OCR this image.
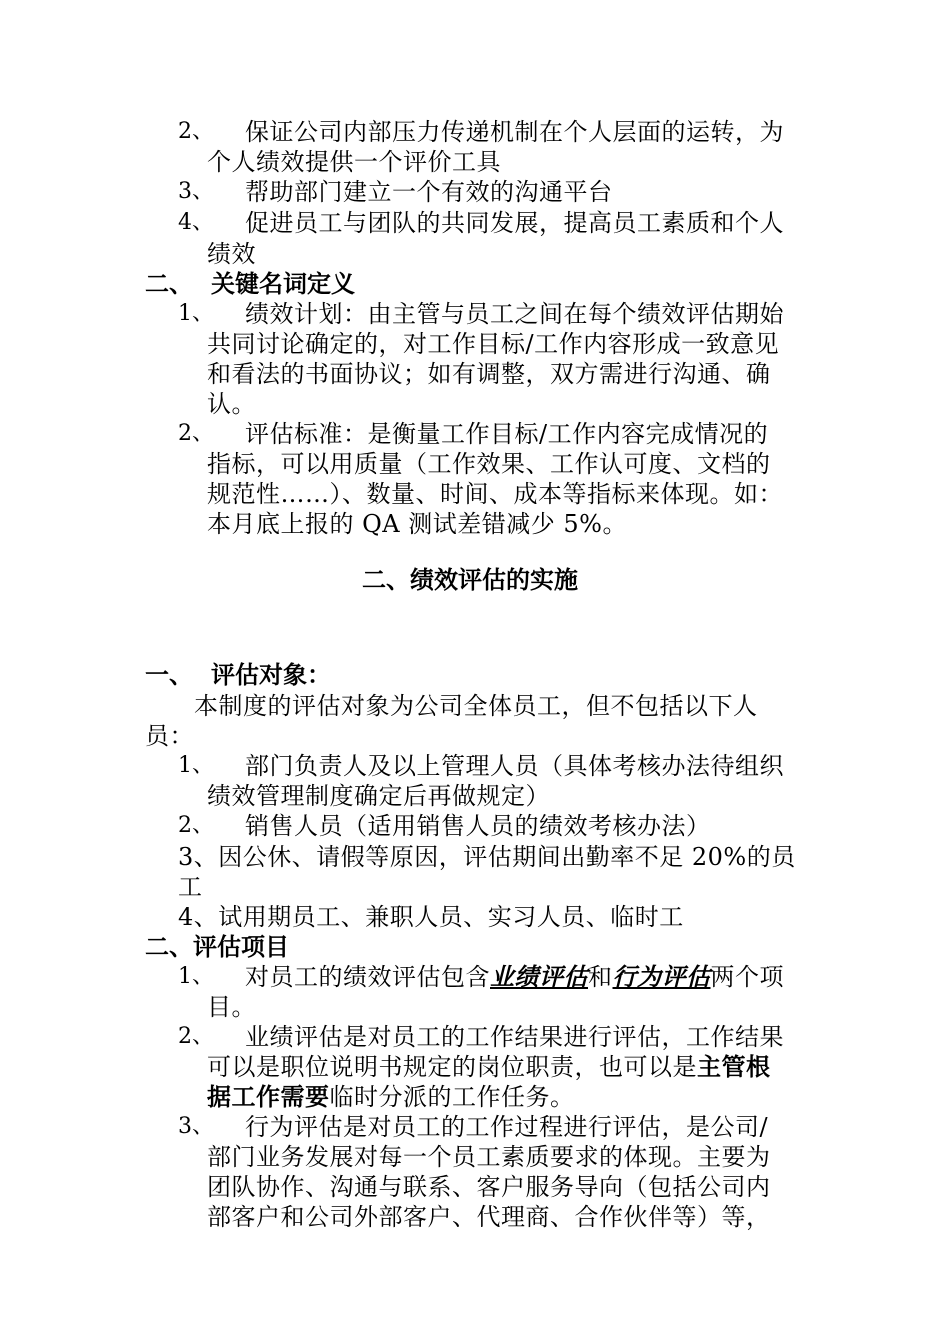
2、 保证公司内部压力传递机制在个人层面的运转，为
个人绩效提供一个评价工具
3、 帮助部门建立一个有效的沟通平台
4、 促进员工与团队的共同发展，提高员工素质和个人
绩效
二、 关键名词定义
1、 绩效计划：由主管与员工之间在每个绩效评估期始
共同讨论确定的，对工作目标/工作内容形成一致意见
和看法的书面协议；如有调整，双方需进行沟通、确
认。
2、 评估标准：是衡量工作目标/工作内容完成情况的
指标，可以用质量（工作效果、工作认可度、文档的
规范性……）、数量、时间、成本等指标来体现。如：
本月底上报的 QA 测试差错减少 5%。
二、绩效评估的实施
一、 评估对象：
本制度的评估对象为公司全体员工，但不包括以下人
员：
1、 部门负责人及以上管理人员（具体考核办法待组织
绩效管理制度确定后再做规定）
2、 销售人员（适用销售人员的绩效考核办法）
3、因公休、请假等原因，评估期间出勤率不足 20%的员
工
4、试用期员工、兼职人员、实习人员、临时工
二、评估项目
1、 对员工的绩效评估包含业绩评估和行为评估两个项
目。
2、 业绩评估是对员工的工作结果进行评估，工作结果
可以是职位说明书规定的岗位职责，也可以是主管根
据工作需要临时分派的工作任务。
3、 行为评估是对员工的工作过程进行评估，是公司/
部门业务发展对每一个员工素质要求的体现。主要为
团队协作、沟通与联系、客户服务导向（包括公司内
部客户和公司外部客户、代理商、合作伙伴等）等，
